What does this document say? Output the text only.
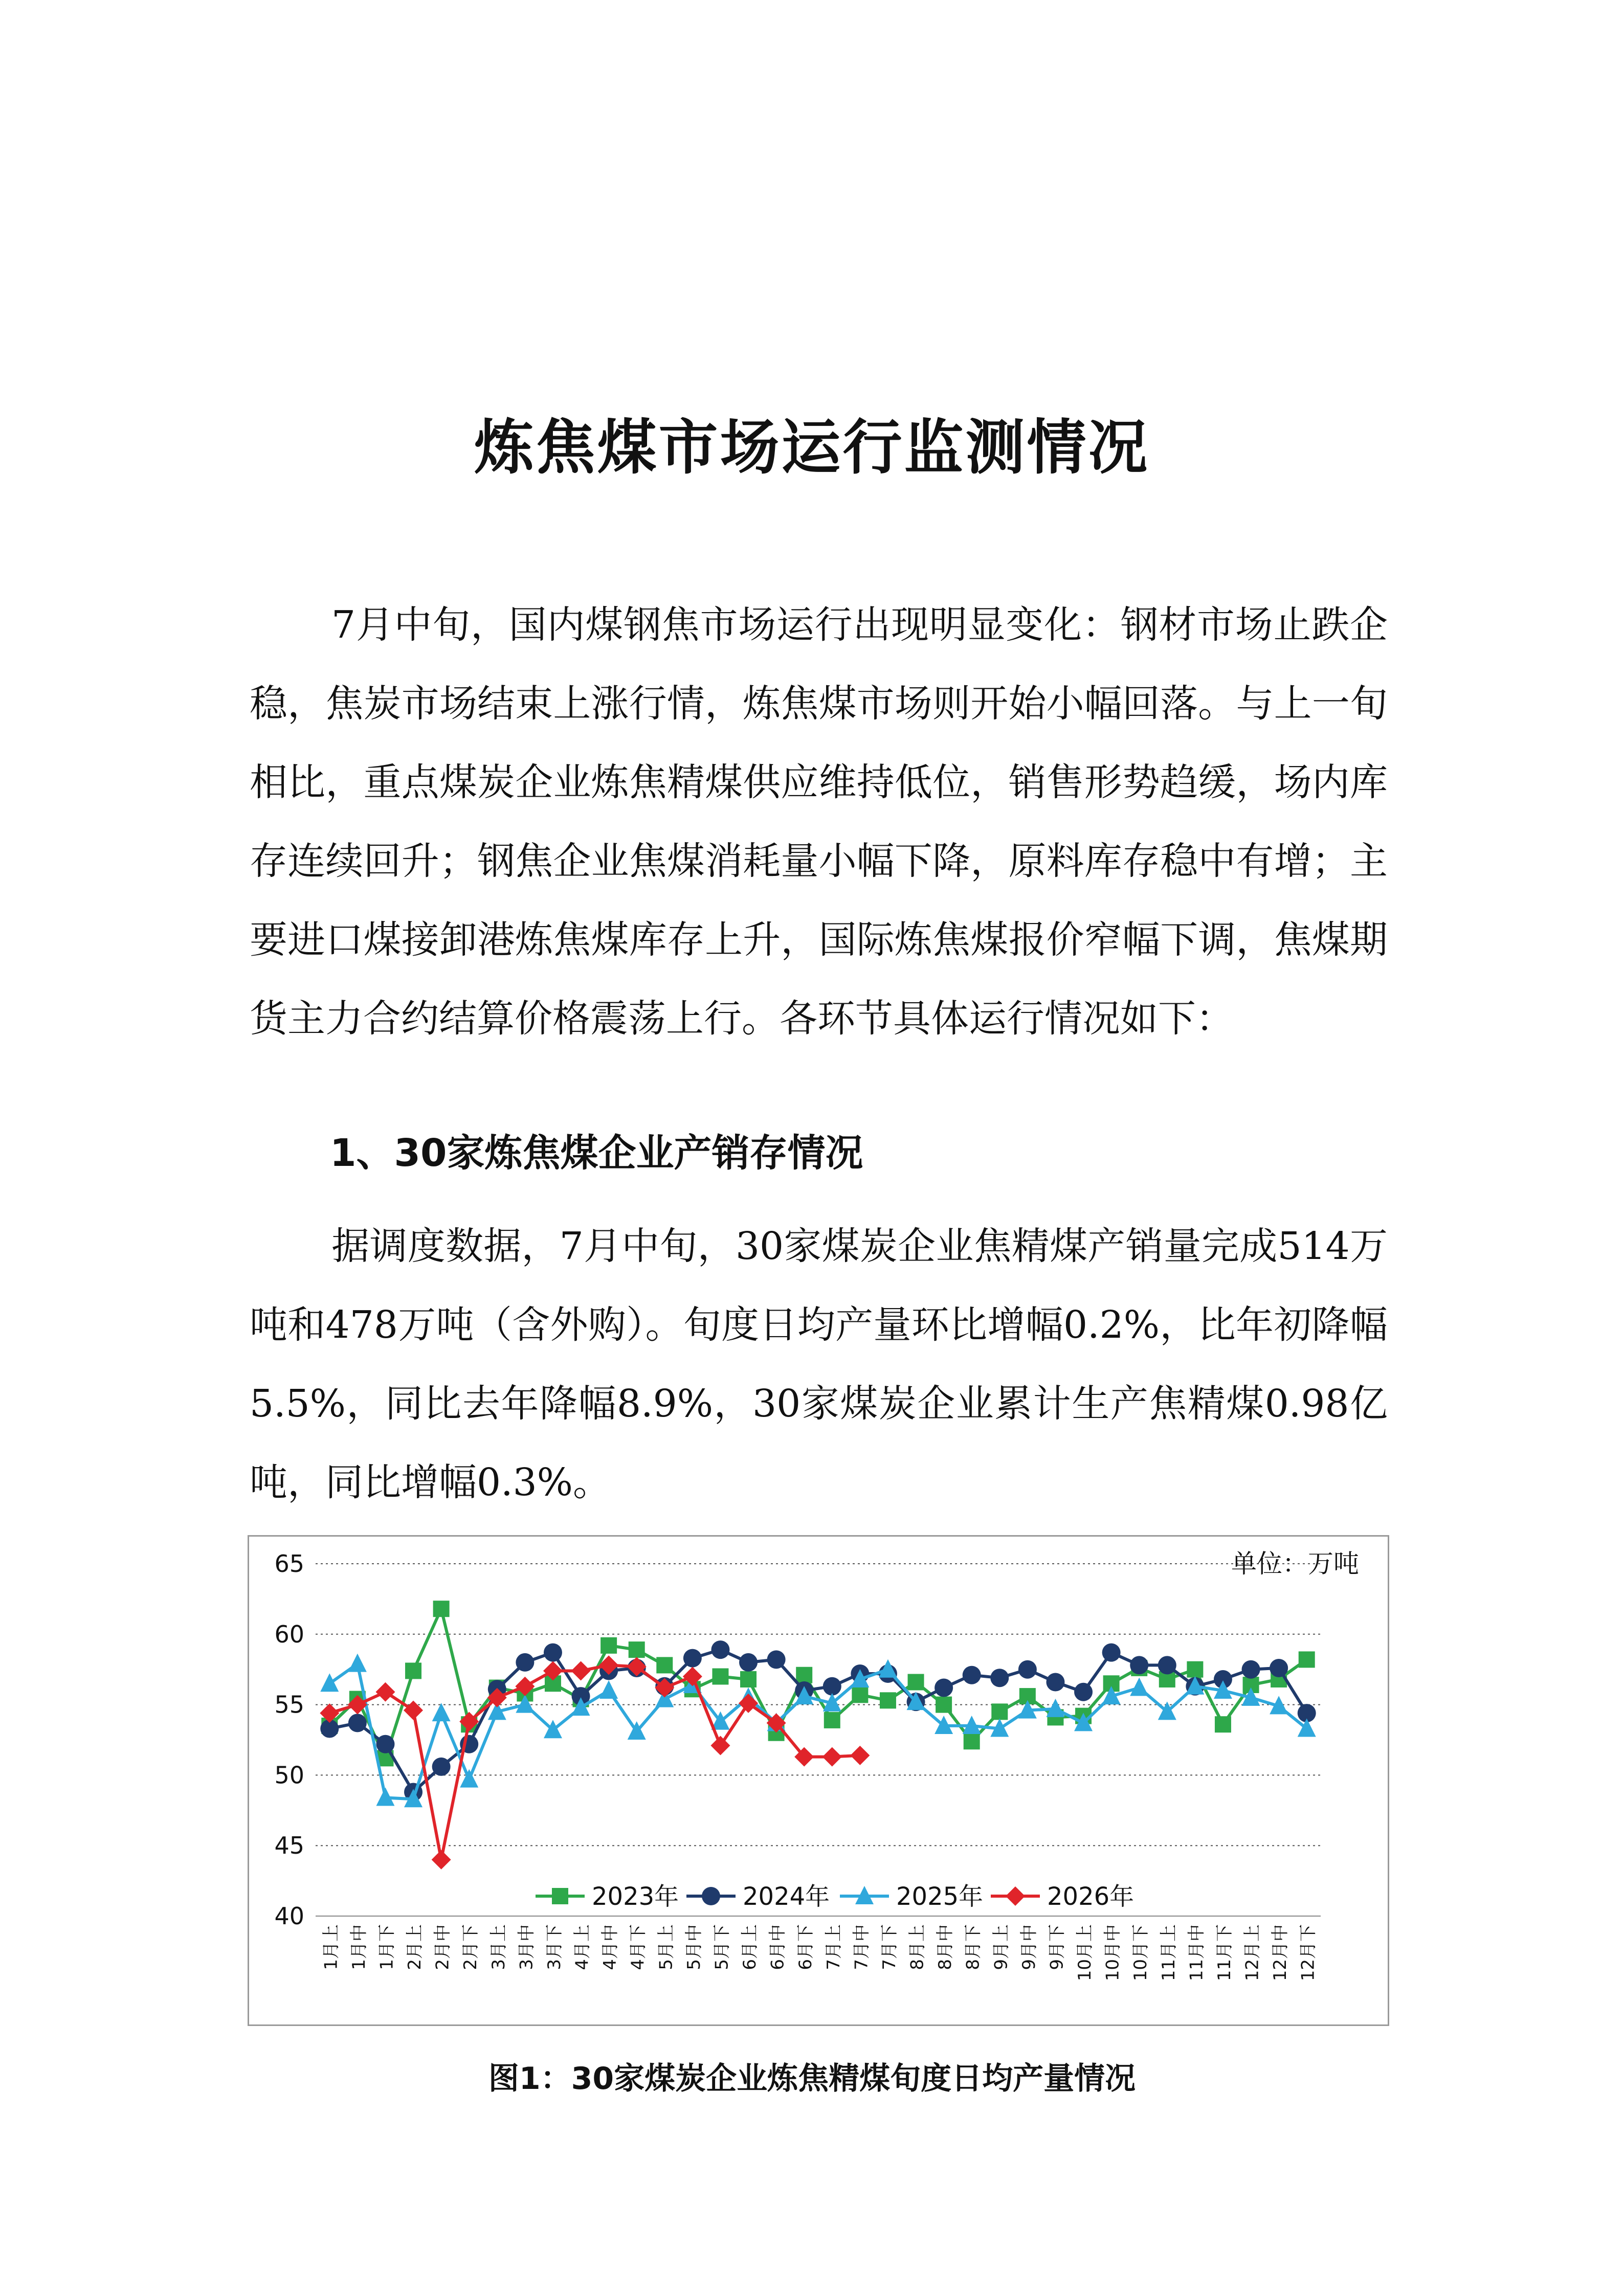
炼焦煤市场运行监测情况
7月中旬，国内煤钢焦市场运行出现明显变化：钢材市场止跌企稳，焦炭市场结束上涨行情，炼焦煤市场则开始小幅回落。与上一旬相比，重点煤炭企业炼焦精煤供应维持低位，销售形势趋缓，场内库存连续回升；钢焦企业焦煤消耗量小幅下降，原料库存稳中有增；主要进口煤接卸港炼焦煤库存上升，国际炼焦煤报价窄幅下调，焦煤期货主力合约结算价格震荡上行。各环节具体运行情况如下：
1、30家炼焦煤企业产销存情况
据调度数据，7月中旬，30家煤炭企业焦精煤产销量完成514万吨和478万吨（含外购）。旬度日均产量环比增幅0.2%，比年初降幅5.5%，同比去年降幅8.9%，30家煤炭企业累计生产焦精煤0.98亿吨，同比增幅0.3%。
40
45
50
55
60
65
1月上 1月中 1月下 2月上 2月中 2月下 3月上 3月中 3月下 4月上 4月中 4月下 5月上 5月中 5月下 6月上 6月中 6月下 7月上 7月中 7月下 8月上 8月中 8月下 9月上 9月中 9月下 10月上 10月中 10月下 11月上 11月中 11月下 12月上 12月中 12月下
单位：万吨
2023年	2024年	2025年	2026年
图1：30家煤炭企业炼焦精煤旬度日均产量情况
